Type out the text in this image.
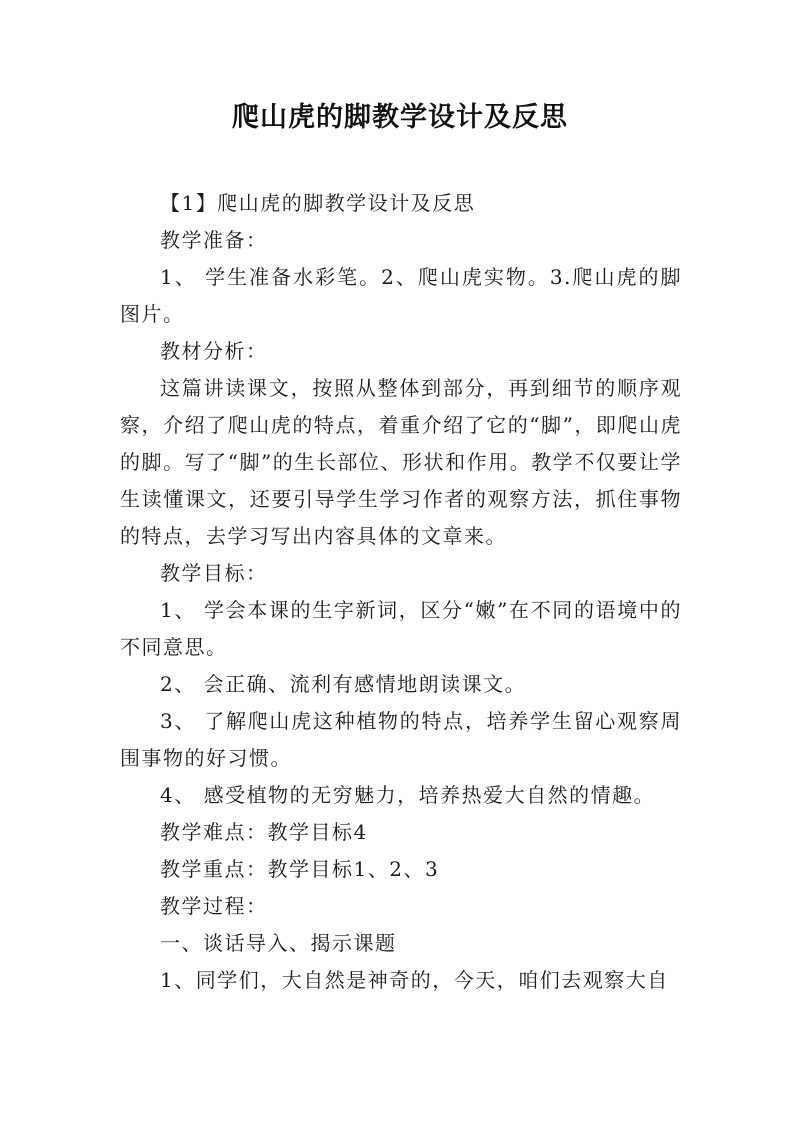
爬山虎的脚教学设计及反思

【1】爬山虎的脚教学设计及反思

教学准备：

1、 学生准备水彩笔。2、爬山虎实物。3.爬山虎的脚图片。

教材分析：

这篇讲读课文，按照从整体到部分，再到细节的顺序观察，介绍了爬山虎的特点，着重介绍了它的“脚”，即爬山虎的脚。写了“脚”的生长部位、形状和作用。教学不仅要让学生读懂课文，还要引导学生学习作者的观察方法，抓住事物的特点，去学习写出内容具体的文章来。

教学目标：

1、 学会本课的生字新词，区分“嫩”在不同的语境中的不同意思。

2、 会正确、流利有感情地朗读课文。

3、 了解爬山虎这种植物的特点，培养学生留心观察周围事物的好习惯。

4、 感受植物的无穷魅力，培养热爱大自然的情趣。

教学难点：教学目标4

教学重点：教学目标1、2、3

教学过程：

一、谈话导入、揭示课题

1、同学们，大自然是神奇的，今天，咱们去观察大自
